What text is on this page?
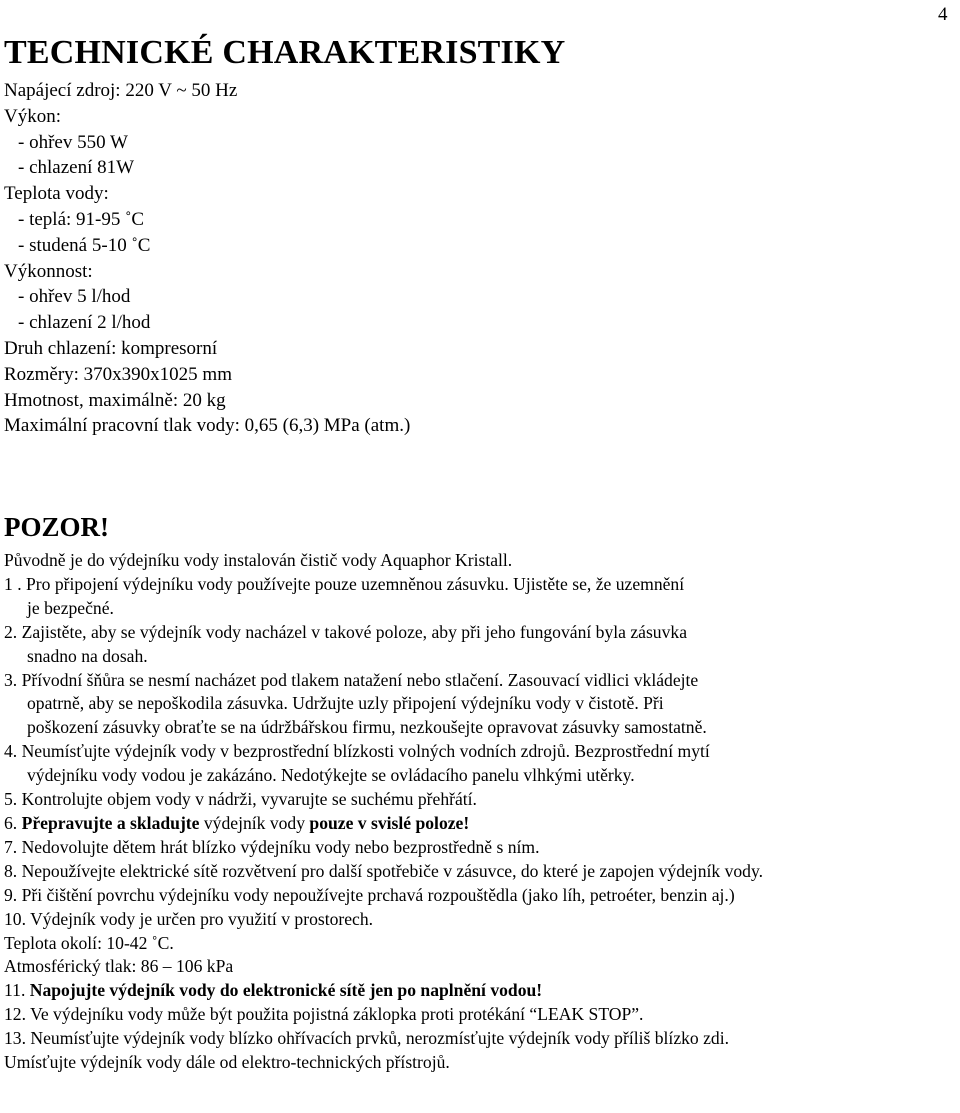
4
TECHNICKÉ CHARAKTERISTIKY
Napájecí zdroj: 220 V ~ 50 Hz
Výkon:
- ohřev 550 W
- chlazení 81W
Teplota vody:
- teplá: 91-95 ˚C
- studená 5-10 ˚C
Výkonnost:
- ohřev 5 l/hod
- chlazení 2 l/hod
Druh chlazení: kompresorní
Rozměry: 370x390x1025 mm
Hmotnost, maximálně: 20 kg
Maximální pracovní tlak vody: 0,65 (6,3) MPa (atm.)
POZOR!
Původně je do výdejníku vody instalován čistič vody Aquaphor Kristall.
1 . Pro připojení výdejníku vody používejte pouze uzemněnou zásuvku. Ujistěte se, že uzemnění
je bezpečné.
2. Zajistěte, aby se výdejník vody nacházel v takové poloze, aby při jeho fungování byla zásuvka
snadno na dosah.
3. Přívodní šňůra se nesmí nacházet pod tlakem natažení nebo stlačení. Zasouvací vidlici vkládejte
opatrně, aby se nepoškodila zásuvka. Udržujte uzly připojení výdejníku vody v čistotě. Při
poškození zásuvky obraťte se na údržbářskou firmu, nezkoušejte opravovat zásuvky samostatně.
4. Neumísťujte výdejník vody v bezprostřední blízkosti volných vodních zdrojů. Bezprostřední mytí
výdejníku vody vodou je zakázáno. Nedotýkejte se ovládacího panelu vlhkými utěrky.
5. Kontrolujte objem vody v nádrži, vyvarujte se suchému přehřátí.
6. Přepravujte a skladujte výdejník vody pouze v svislé poloze!
7. Nedovolujte dětem hrát blízko výdejníku vody nebo bezprostředně s ním.
8. Nepoužívejte elektrické sítě rozvětvení pro další spotřebiče v zásuvce, do které je zapojen výdejník vody.
9. Při čištění povrchu výdejníku vody nepoužívejte prchavá rozpouštědla (jako líh, petroéter, benzin aj.)
10. Výdejník vody je určen pro využití v prostorech.
Teplota okolí: 10-42 ˚C.
Atmosférický tlak: 86 – 106 kPa
11. Napojujte výdejník vody do elektronické sítě jen po naplnění vodou!
12. Ve výdejníku vody může být použita pojistná záklopka proti protékání “LEAK STOP”.
13. Neumísťujte výdejník vody blízko ohřívacích prvků, nerozmísťujte výdejník vody příliš blízko zdi.
Umísťujte výdejník vody dále od elektro-technických přístrojů.
